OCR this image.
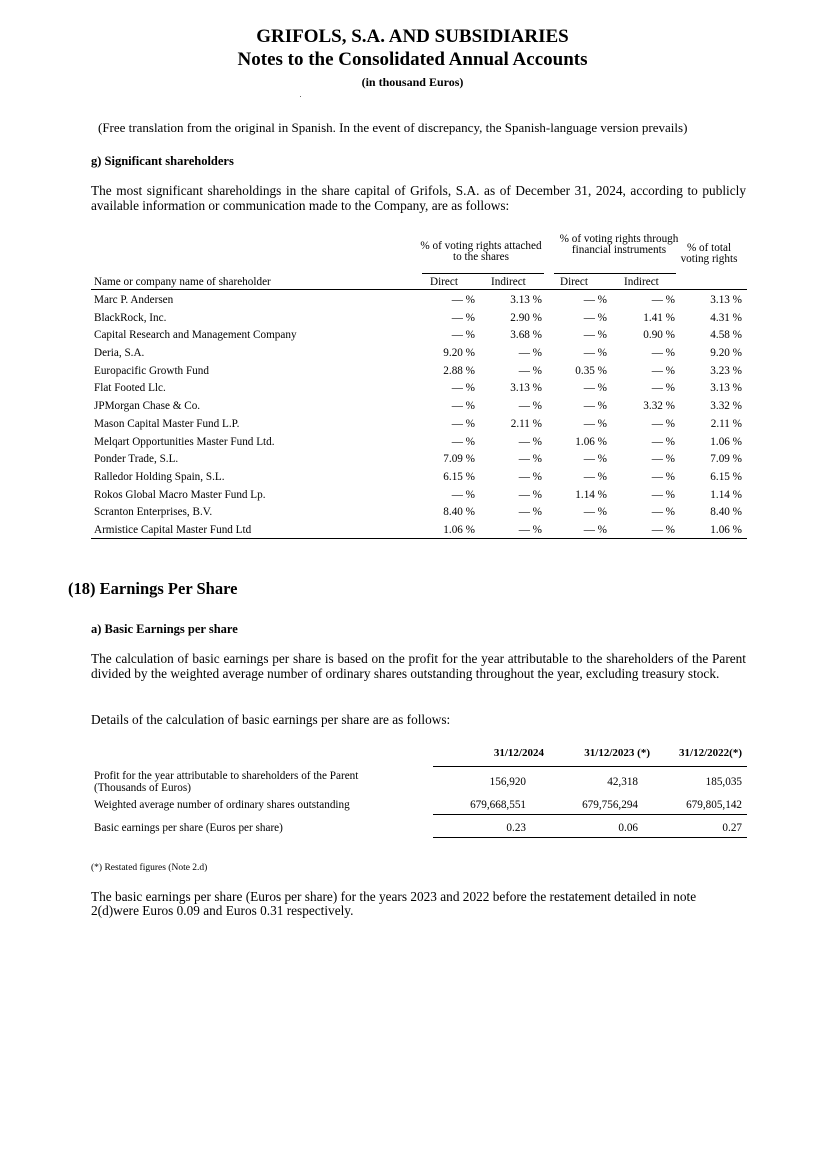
GRIFOLS, S.A. AND SUBSIDIARIES
Notes to the Consolidated Annual Accounts
(in thousand Euros)
(Free translation from the original in Spanish. In the event of discrepancy, the Spanish-language version prevails)
g) Significant shareholders
The most significant shareholdings in the share capital of Grifols, S.A. as of December 31, 2024, according to publicly available information or communication made to the Company, are as follows:
% of voting rights attached to the shares
% of voting rights through financial instruments	% of total voting rights
Name or company name of shareholder	Direct	Indirect	Direct	Indirect
Marc P. Andersen	— %	3.13 %	— %	— %	3.13 %
BlackRock, Inc.	— %	2.90 %	— %	1.41 %	4.31 %
Capital Research and Management Company	— %	3.68 %	— %	0.90 %	4.58 %
Deria, S.A.	9.20 %	— %	— %	— %	9.20 %
Europacific Growth Fund	2.88 %	— %	0.35 %	— %	3.23 %
Flat Footed Llc.	— %	3.13 %	— %	— %	3.13 %
JPMorgan Chase & Co.	— %	— %	— %	3.32 %	3.32 %
Mason Capital Master Fund L.P.	— %	2.11 %	— %	— %	2.11 %
Melqart Opportunities Master Fund Ltd.	— %	— %	1.06 %	— %	1.06 %
Ponder Trade, S.L.	7.09 %	— %	— %	— %	7.09 %
Ralledor Holding Spain, S.L.	6.15 %	— %	— %	— %	6.15 %
Rokos Global Macro Master Fund Lp.	— %	— %	1.14 %	— %	1.14 %
Scranton Enterprises, B.V.	8.40 %	— %	— %	— %	8.40 %
Armistice Capital Master Fund Ltd	1.06 %	— %	— %	— %	1.06 %
(18) Earnings Per Share
a) Basic Earnings per share
The calculation of basic earnings per share is based on the profit for the year attributable to the shareholders of the Parent divided by the weighted average number of ordinary shares outstanding throughout the year, excluding treasury stock.
Details of the calculation of basic earnings per share are as follows:
31/12/2024	31/12/2023 (*)	31/12/2022(*)
Profit for the year attributable to shareholders of the Parent (Thousands of Euros)	156,920	42,318	185,035
Weighted average number of ordinary shares outstanding	679,668,551	679,756,294	679,805,142
Basic earnings per share (Euros per share)	0.23	0.06	0.27
(*) Restated figures (Note 2.d)
The basic earnings per share (Euros per share) for the years 2023 and 2022 before the restatement detailed in note 2(d)were Euros 0.09 and Euros 0.31 respectively.
